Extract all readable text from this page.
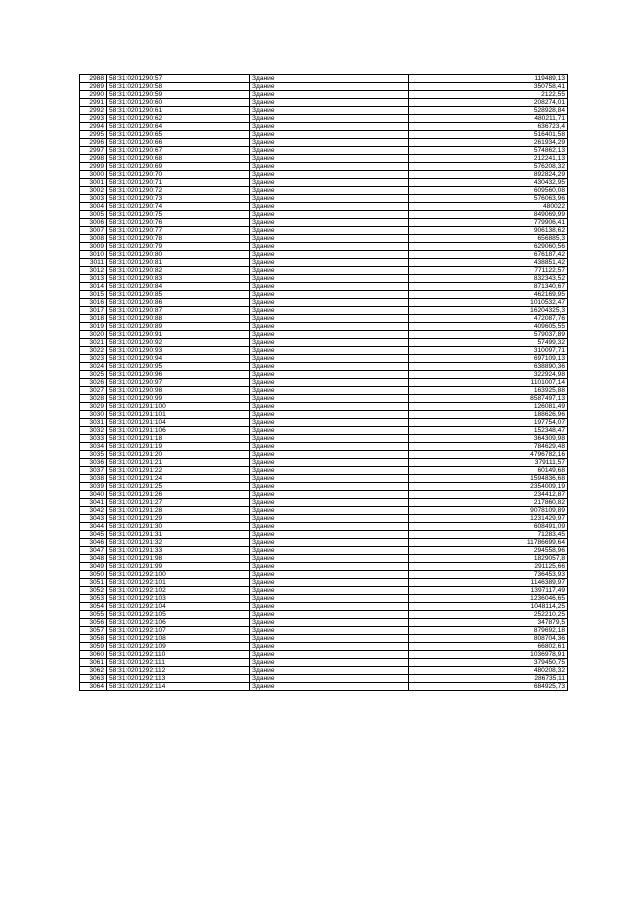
2988	58:31:0201290:57	Здание	119489,13
2989	58:31:0201290:58	Здание	350758,41
2990	58:31:0201290:59	Здание	2122,55
2991	58:31:0201290:60	Здание	208274,01
2992	58:31:0201290:61	Здание	528928,84
2993	58:31:0201290:62	Здание	480211,71
2994	58:31:0201290:64	Здание	636723,4
2995	58:31:0201290:65	Здание	516401,58
2996	58:31:0201290:66	Здание	261934,29
2997	58:31:0201290:67	Здание	574862,13
2998	58:31:0201290:68	Здание	212241,13
2999	58:31:0201290:69	Здание	576208,32
3000	58:31:0201290:70	Здание	892824,29
3001	58:31:0201290:71	Здание	430432,95
3002	58:31:0201290:72	Здание	609560,08
3003	58:31:0201290:73	Здание	576063,96
3004	58:31:0201290:74	Здание	480022
3005	58:31:0201290:75	Здание	849069,99
3006	58:31:0201290:76	Здание	779906,41
3007	58:31:0201290:77	Здание	906138,62
3008	58:31:0201290:78	Здание	656885,3
3009	58:31:0201290:79	Здание	629060,56
3010	58:31:0201290:80	Здание	676187,42
3011	58:31:0201290:81	Здание	438851,42
3012	58:31:0201290:82	Здание	771122,57
3013	58:31:0201290:83	Здание	832343,52
3014	58:31:0201290:84	Здание	871340,67
3015	58:31:0201290:85	Здание	462169,95
3016	58:31:0201290:86	Здание	1010532,47
3017	58:31:0201290:87	Здание	16204325,3
3018	58:31:0201290:88	Здание	472087,76
3019	58:31:0201290:89	Здание	409605,55
3020	58:31:0201290:91	Здание	579037,89
3021	58:31:0201290:92	Здание	57499,32
3022	58:31:0201290:93	Здание	310097,71
3023	58:31:0201290:94	Здание	697109,13
3024	58:31:0201290:95	Здание	638890,36
3025	58:31:0201290:96	Здание	322924,98
3026	58:31:0201290:97	Здание	1101007,14
3027	58:31:0201290:98	Здание	163925,88
3028	58:31:0201290:99	Здание	8587497,13
3029	58:31:0201291:100	Здание	126081,49
3030	58:31:0201291:101	Здание	188626,96
3031	58:31:0201291:104	Здание	197754,07
3032	58:31:0201291:106	Здание	152348,47
3033	58:31:0201291:18	Здание	364309,98
3034	58:31:0201291:19	Здание	784629,48
3035	58:31:0201291:20	Здание	4796782,16
3036	58:31:0201291:21	Здание	379111,57
3037	58:31:0201291:22	Здание	60149,68
3038	58:31:0201291:24	Здание	1594836,68
3039	58:31:0201291:25	Здание	2354009,19
3040	58:31:0201291:26	Здание	234412,87
3041	58:31:0201291:27	Здание	217860,82
3042	58:31:0201291:28	Здание	9078109,89
3043	58:31:0201291:29	Здание	1231429,97
3044	58:31:0201291:30	Здание	608491,09
3045	58:31:0201291:31	Здание	71283,45
3046	58:31:0201291:32	Здание	11786699,64
3047	58:31:0201291:33	Здание	294558,96
3048	58:31:0201291:98	Здание	1829057,8
3049	58:31:0201291:99	Здание	291125,66
3050	58:31:0201292:100	Здание	736453,93
3051	58:31:0201292:101	Здание	1146389,97
3052	58:31:0201292:102	Здание	1397117,49
3053	58:31:0201292:103	Здание	1236046,65
3054	58:31:0201292:104	Здание	1048114,25
3055	58:31:0201292:105	Здание	252210,25
3056	58:31:0201292:106	Здание	347879,5
3057	58:31:0201292:107	Здание	879692,18
3058	58:31:0201292:108	Здание	808704,36
3059	58:31:0201292:109	Здание	66802,61
3060	58:31:0201292:110	Здание	1036978,91
3061	58:31:0201292:111	Здание	379450,75
3062	58:31:0201292:112	Здание	480208,32
3063	58:31:0201292:113	Здание	286735,11
3064	58:31:0201292:114	Здание	684925,73
